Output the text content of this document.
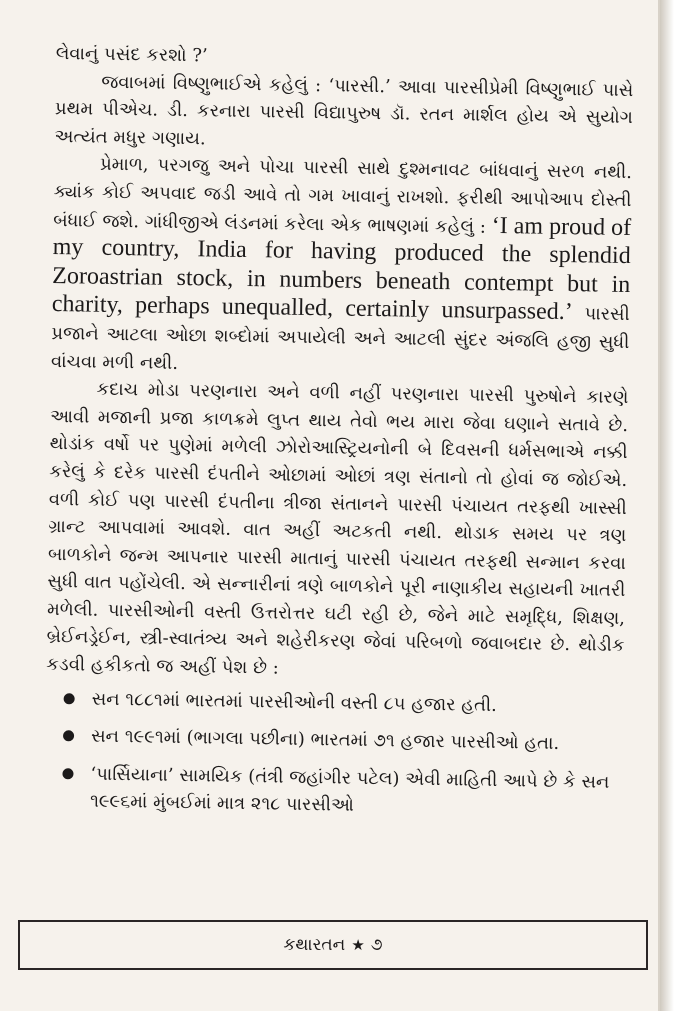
લેવાનું પસંદ કરશો ?’

જવાબમાં વિષ્ણુભાઈએ કહેલું : ‘પારસી.’ આવા પારસીપ્રેમી વિષ્ણુભાઈ પાસે પ્રથમ પીએચ. ડી. કરનારા પારસી વિદ્યાપુરુષ ડૉ. રતન માર્શલ હોય એ સુયોગ અત્યંત મધુર ગણાય.

પ્રેમાળ, પરગજુ અને પોચા પારસી સાથે દુશ્મનાવટ બાંધવાનું સરળ નથી. ક્યાંક કોઈ અપવાદ જડી આવે તો ગમ ખાવાનું રાખશો. ફરીથી આપોઆપ દોસ્તી બંધાઈ જશે. ગાંધીજીએ લંડનમાં કરેલા એક ભાષણમાં કહેલું : ‘I am proud of my country, India for having produced the splendid Zoroastrian stock, in numbers beneath contempt but in charity, perhaps unequalled, certainly unsurpassed.’ પારસી પ્રજાને આટલા ઓછા શબ્દોમાં અપાયેલી અને આટલી સુંદર અંજલિ હજી સુધી વાંચવા મળી નથી.

કદાચ મોડા પરણનારા અને વળી નહીં પરણનારા પારસી પુરુષોને કારણે આવી મજાની પ્રજા કાળક્રમે લુપ્ત થાય તેવો ભય મારા જેવા ઘણાને સતાવે છે. થોડાંક વર્ષો પર પુણેમાં મળેલી ઝોરોઆસ્ટ્રિયનોની બે દિવસની ધર્મસભાએ નક્કી કરેલું કે દરેક પારસી દંપતીને ઓછામાં ઓછાં ત્રણ સંતાનો તો હોવાં જ જોઈએ. વળી કોઈ પણ પારસી દંપતીના ત્રીજા સંતાનને પારસી પંચાયત તરફથી ખાસ્સી ગ્રાન્ટ આપવામાં આવશે. વાત અહીં અટકતી નથી. થોડાક સમય પર ત્રણ બાળકોને જન્મ આપનાર પારસી માતાનું પારસી પંચાયત તરફથી સન્માન કરવા સુધી વાત પહોંચેલી. એ સન્નારીનાં ત્રણે બાળકોને પૂરી નાણાકીય સહાયની ખાતરી મળેલી. પારસીઓની વસ્તી ઉત્તરોત્તર ઘટી રહી છે, જેને માટે સમૃદ્ધિ, શિક્ષણ, બ્રેઈનડ્રેઈન, સ્ત્રી-સ્વાતંત્ર્ય અને શહેરીકરણ જેવાં પરિબળો જવાબદાર છે. થોડીક કડવી હકીકતો જ અહીં પેશ છે :

સન ૧૮૮૧માં ભારતમાં પારસીઓની વસ્તી ૮૫ હજાર હતી.
સન ૧૯૯૧માં (ભાગલા પછીના) ભારતમાં ૭૧ હજાર પારસીઓ હતા.
‘પાર્સિયાના’ સામયિક (તંત્રી જહાંગીર પટેલ) એવી માહિતી આપે છે કે સન ૧૯૯૬માં મુંબઈમાં માત્ર ૨૧૮ પારસીઓ
કથારતન ★ ૭
